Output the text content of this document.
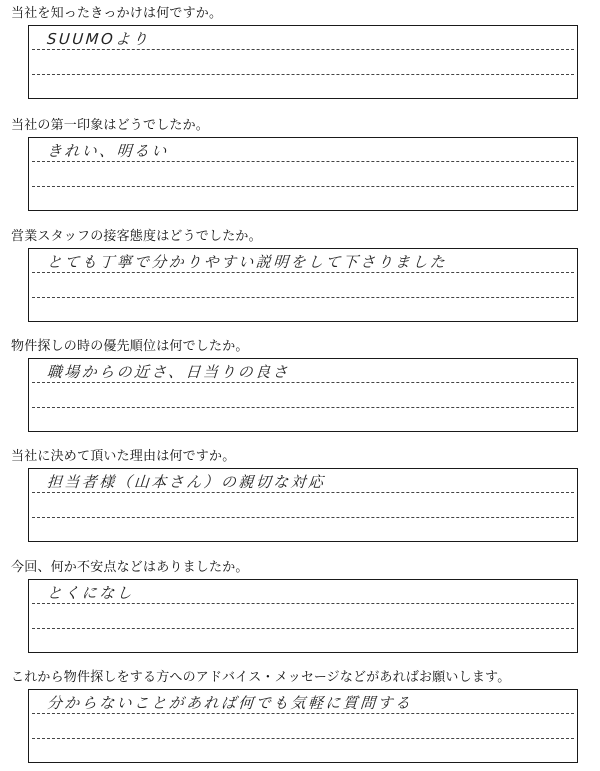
当社を知ったきっかけは何ですか。
SUUMOより
当社の第一印象はどうでしたか。
きれい、明るい
営業スタッフの接客態度はどうでしたか。
とても丁寧で分かりやすい説明をして下さりました
物件探しの時の優先順位は何でしたか。
職場からの近さ、日当りの良さ
当社に決めて頂いた理由は何ですか。
担当者様（山本さん）の親切な対応
今回、何か不安点などはありましたか。
とくになし
これから物件探しをする方へのアドバイス・メッセージなどがあればお願いします。
分からないことがあれば何でも気軽に質問する
